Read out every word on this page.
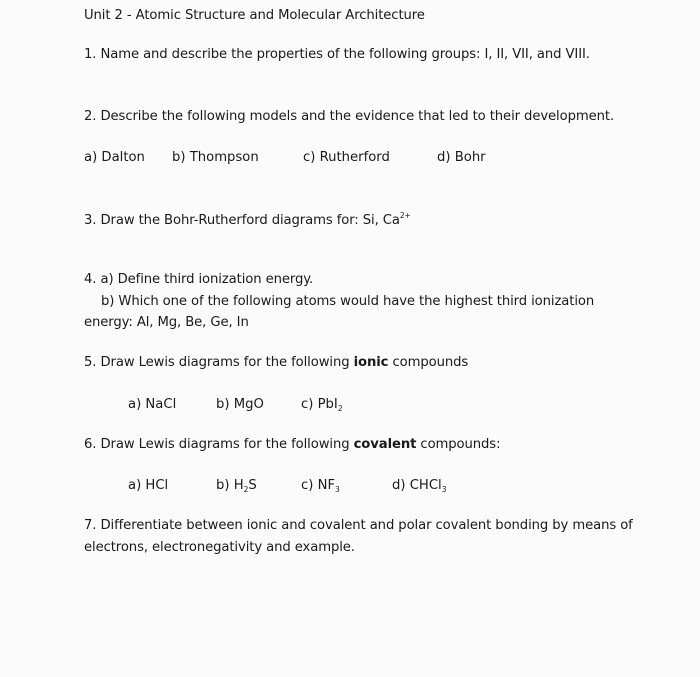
Unit 2 - Atomic Structure and Molecular Architecture
1. Name and describe the properties of the following groups: I, II, VII, and VIII.
2. Describe the following models and the evidence that led to their development.
a) Dalton b) Thompson	c) Rutherford	d) Bohr
3. Draw the Bohr-Rutherford diagrams for: Si, $Ca^{2+}$
4. a) Define third ionization energy.
b) Which one of the following atoms would have the highest third ionization
energy: Al, Mg, Be, Ge, In
5. Draw Lewis diagrams for the following ionic compounds
a) NaCl	b) MgO	c) PbI$_2$
6. Draw Lewis diagrams for the following covalent compounds:
a) HCl	b) $H_2S$	c) $NF_3$	d) CHCl$_3$
7. Differentiate between ionic and covalent and polar covalent bonding by means of
electrons, electronegativity and example.
